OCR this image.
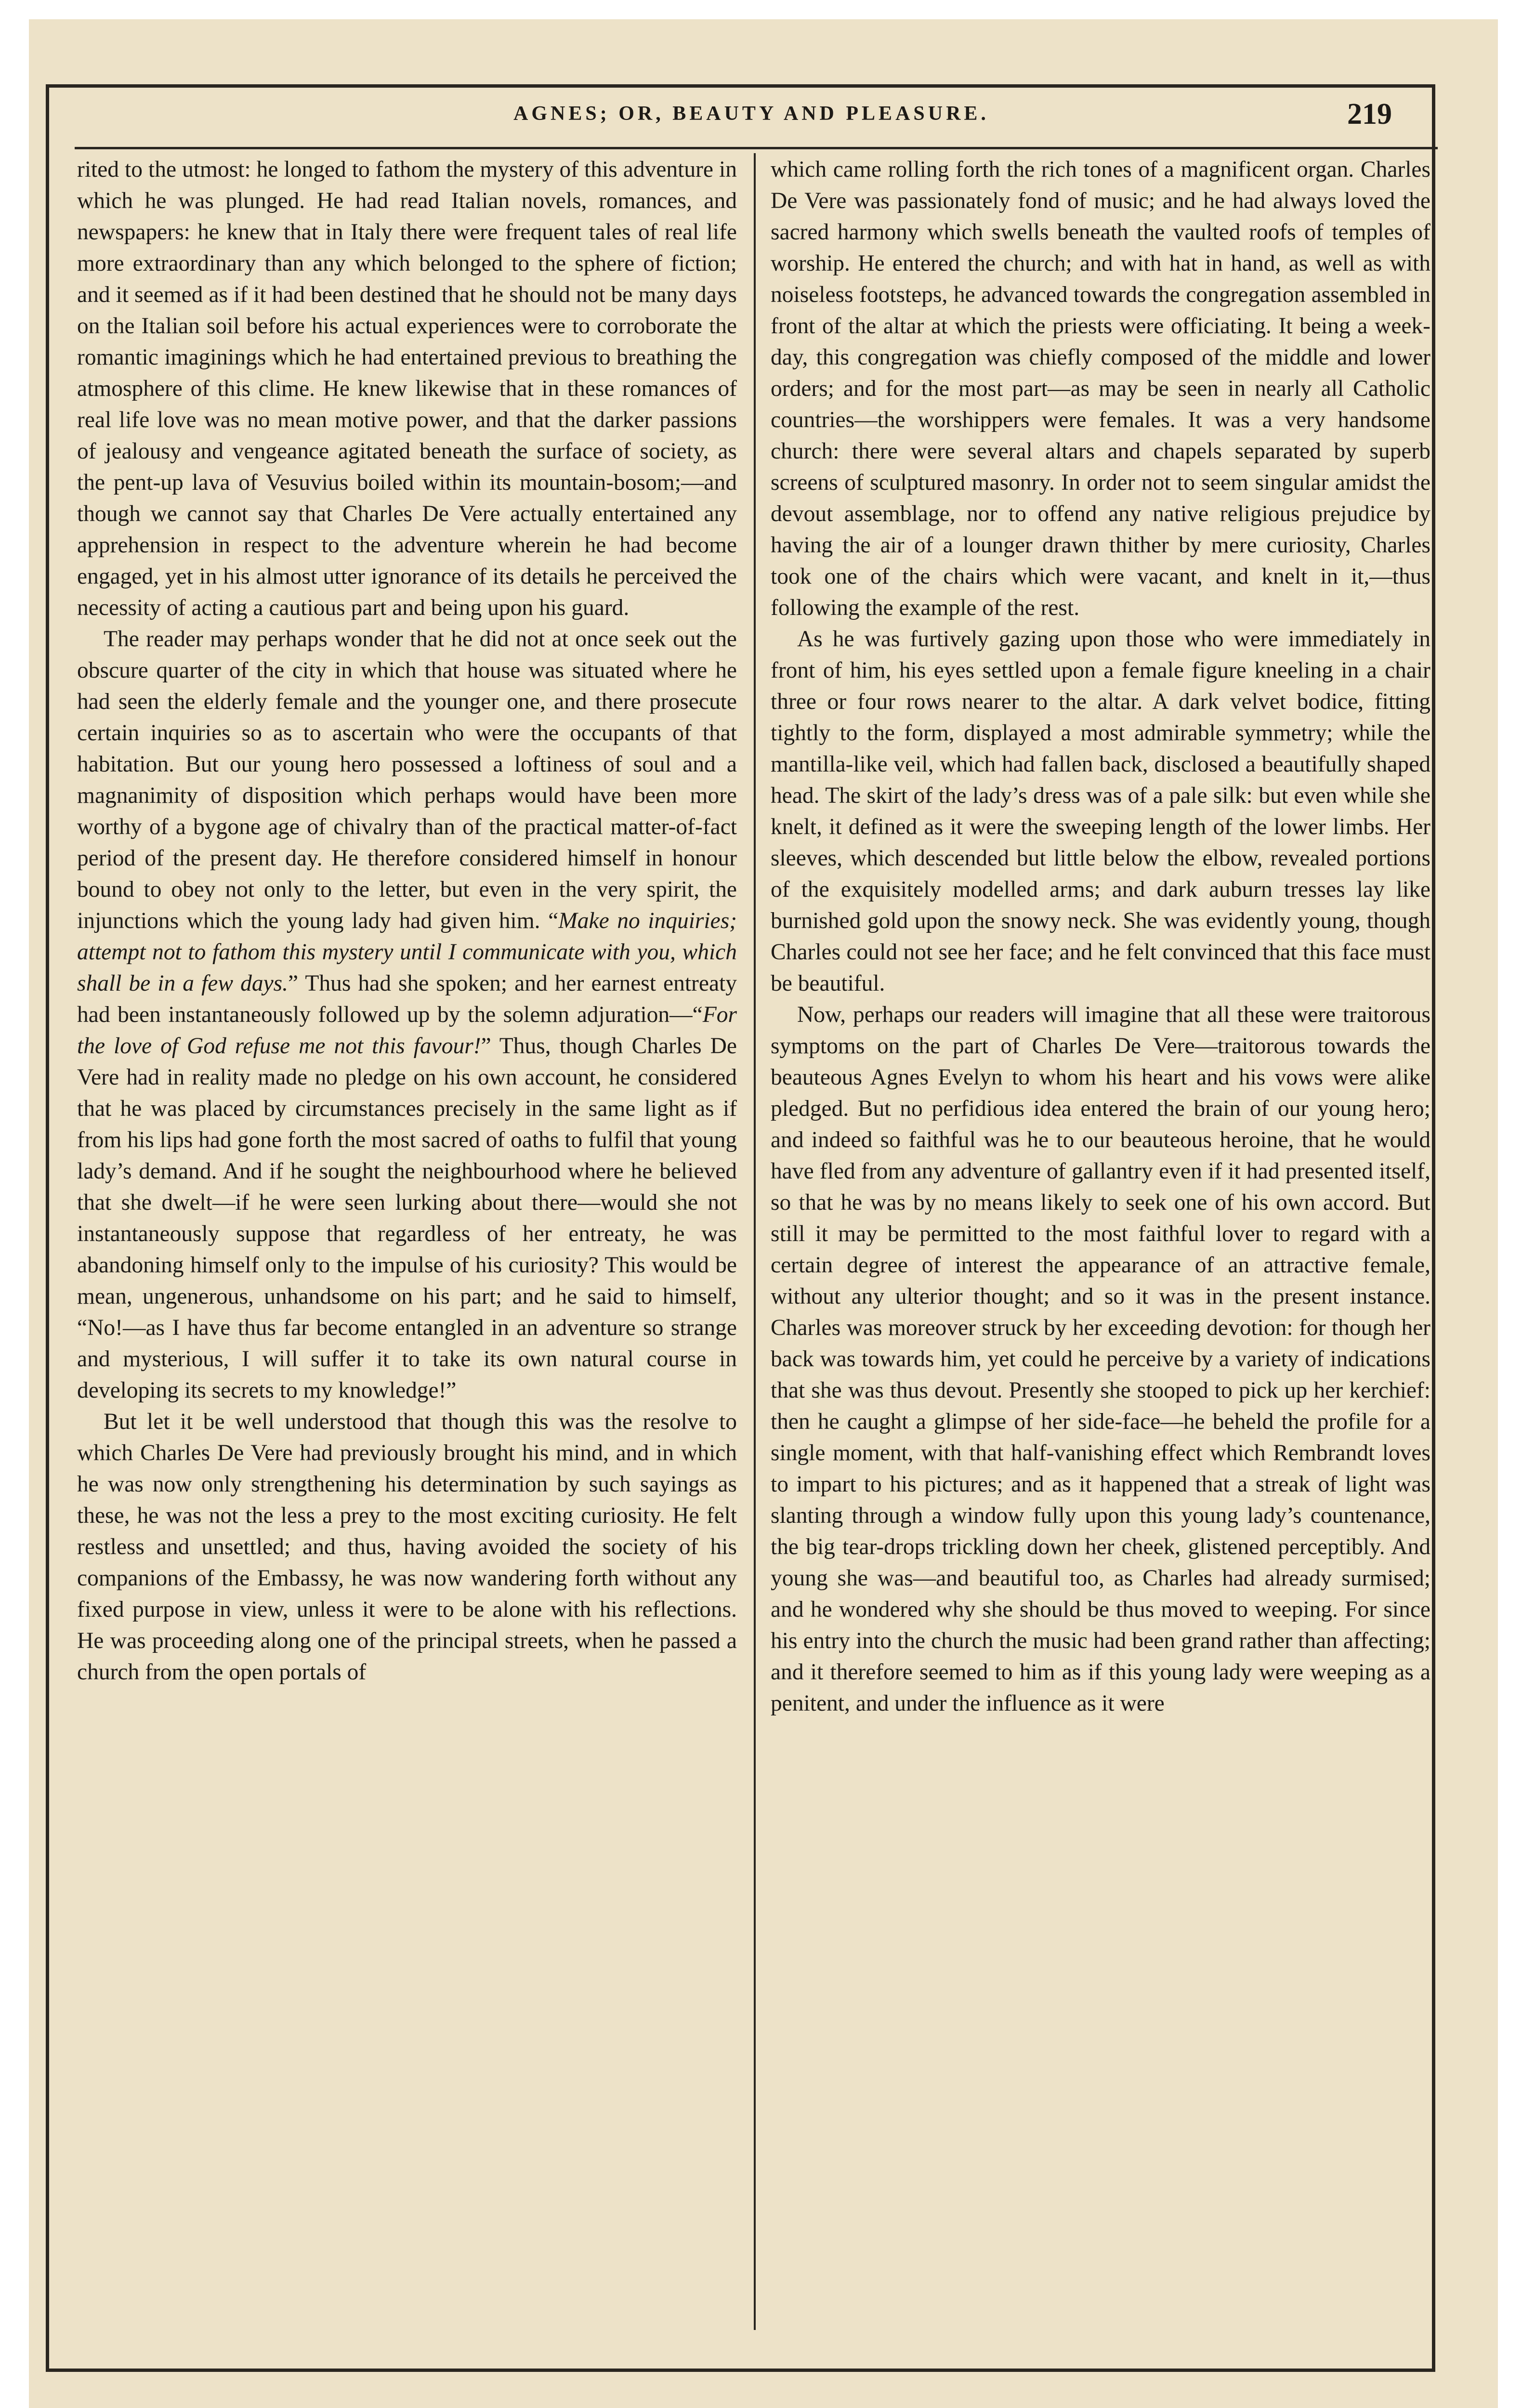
AGNES; OR, BEAUTY AND PLEASURE.	219

rited to the utmost: he longed to fathom the mystery of this adventure in which he was plunged. He had read Italian novels, romances, and newspapers: he knew that in Italy there were frequent tales of real life more extraordinary than any which belonged to the sphere of fiction; and it seemed as if it had been destined that he should not be many days on the Italian soil before his actual experiences were to corroborate the romantic imaginings which he had entertained previous to breathing the atmosphere of this clime. He knew likewise that in these romances of real life love was no mean motive power, and that the darker passions of jealousy and vengeance agitated beneath the surface of society, as the pent-up lava of Vesuvius boiled within its mountain-bosom;—and though we cannot say that Charles De Vere actually entertained any apprehension in respect to the adventure wherein he had become engaged, yet in his almost utter ignorance of its details he perceived the necessity of acting a cautious part and being upon his guard.

The reader may perhaps wonder that he did not at once seek out the obscure quarter of the city in which that house was situated where he had seen the elderly female and the younger one, and there prosecute certain inquiries so as to ascertain who were the occupants of that habitation. But our young hero possessed a loftiness of soul and a magnanimity of disposition which perhaps would have been more worthy of a bygone age of chivalry than of the practical matter-of-fact period of the present day. He therefore considered himself in honour bound to obey not only to the letter, but even in the very spirit, the injunctions which the young lady had given him. “Make no inquiries; attempt not to fathom this mystery until I communicate with you, which shall be in a few days.” Thus had she spoken; and her earnest entreaty had been instantaneously followed up by the solemn adjuration—“For the love of God refuse me not this favour!” Thus, though Charles De Vere had in reality made no pledge on his own account, he considered that he was placed by circumstances precisely in the same light as if from his lips had gone forth the most sacred of oaths to fulfil that young lady’s demand. And if he sought the neighbourhood where he believed that she dwelt—if he were seen lurking about there—would she not instantaneously suppose that regardless of her entreaty, he was abandoning himself only to the impulse of his curiosity? This would be mean, ungenerous, unhandsome on his part; and he said to himself, “No!—as I have thus far become entangled in an adventure so strange and mysterious, I will suffer it to take its own natural course in developing its secrets to my knowledge!”

But let it be well understood that though this was the resolve to which Charles De Vere had previously brought his mind, and in which he was now only strengthening his determination by such sayings as these, he was not the less a prey to the most exciting curiosity. He felt restless and unsettled; and thus, having avoided the society of his companions of the Embassy, he was now wandering forth without any fixed purpose in view, unless it were to be alone with his reflections. He was proceeding along one of the principal streets, when he passed a church from the open portals of

which came rolling forth the rich tones of a magnificent organ. Charles De Vere was passionately fond of music; and he had always loved the sacred harmony which swells beneath the vaulted roofs of temples of worship. He entered the church; and with hat in hand, as well as with noiseless footsteps, he advanced towards the congregation assembled in front of the altar at which the priests were officiating. It being a week-day, this congregation was chiefly composed of the middle and lower orders; and for the most part—as may be seen in nearly all Catholic countries—the worshippers were females. It was a very handsome church: there were several altars and chapels separated by superb screens of sculptured masonry. In order not to seem singular amidst the devout assemblage, nor to offend any native religious prejudice by having the air of a lounger drawn thither by mere curiosity, Charles took one of the chairs which were vacant, and knelt in it,—thus following the example of the rest.

As he was furtively gazing upon those who were immediately in front of him, his eyes settled upon a female figure kneeling in a chair three or four rows nearer to the altar. A dark velvet bodice, fitting tightly to the form, displayed a most admirable symmetry; while the mantilla-like veil, which had fallen back, disclosed a beautifully shaped head. The skirt of the lady’s dress was of a pale silk: but even while she knelt, it defined as it were the sweeping length of the lower limbs. Her sleeves, which descended but little below the elbow, revealed portions of the exquisitely modelled arms; and dark auburn tresses lay like burnished gold upon the snowy neck. She was evidently young, though Charles could not see her face; and he felt convinced that this face must be beautiful.

Now, perhaps our readers will imagine that all these were traitorous symptoms on the part of Charles De Vere—traitorous towards the beauteous Agnes Evelyn to whom his heart and his vows were alike pledged. But no perfidious idea entered the brain of our young hero; and indeed so faithful was he to our beauteous heroine, that he would have fled from any adventure of gallantry even if it had presented itself, so that he was by no means likely to seek one of his own accord. But still it may be permitted to the most faithful lover to regard with a certain degree of interest the appearance of an attractive female, without any ulterior thought; and so it was in the present instance. Charles was moreover struck by her exceeding devotion: for though her back was towards him, yet could he perceive by a variety of indications that she was thus devout. Presently she stooped to pick up her kerchief: then he caught a glimpse of her side-face—he beheld the profile for a single moment, with that half-vanishing effect which Rembrandt loves to impart to his pictures; and as it happened that a streak of light was slanting through a window fully upon this young lady’s countenance, the big tear-drops trickling down her cheek, glistened perceptibly. And young she was—and beautiful too, as Charles had already surmised; and he wondered why she should be thus moved to weeping. For since his entry into the church the music had been grand rather than affecting; and it therefore seemed to him as if this young lady were weeping as a penitent, and under the influence as it were
